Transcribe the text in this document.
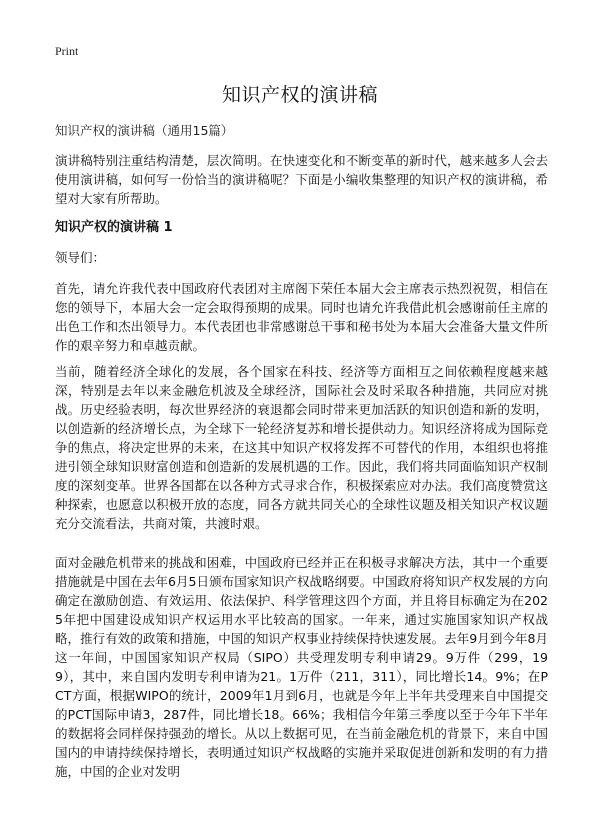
Print
知识产权的演讲稿
知识产权的演讲稿（通用15篇）

演讲稿特别注重结构清楚，层次简明。在快速变化和不断变革的新时代，越来越多人会去使用演讲稿，如何写一份恰当的演讲稿呢？下面是小编收集整理的知识产权的演讲稿，希望对大家有所帮助。

知识产权的演讲稿 1
领导们：

首先，请允许我代表中国政府代表团对主席阁下荣任本届大会主席表示热烈祝贺，相信在您的领导下，本届大会一定会取得预期的成果。同时也请允许我借此机会感谢前任主席的出色工作和杰出领导力。本代表团也非常感谢总干事和秘书处为本届大会准备大量文件所作的艰辛努力和卓越贡献。

当前，随着经济全球化的发展，各个国家在科技、经济等方面相互之间依赖程度越来越深，特别是去年以来金融危机波及全球经济，国际社会及时采取各种措施，共同应对挑战。历史经验表明，每次世界经济的衰退都会同时带来更加活跃的知识创造和新的发明，以创造新的经济增长点，为全球下一轮经济复苏和增长提供动力。知识经济将成为国际竞争的焦点，将决定世界的未来，在这其中知识产权将发挥不可替代的作用，本组织也将推进引领全球知识财富创造和创造新的发展机遇的工作。因此，我们将共同面临知识产权制度的深刻变革。世界各国都在以各种方式寻求合作，积极探索应对办法。我们高度赞赏这种探索，也愿意以积极开放的态度，同各方就共同关心的全球性议题及相关知识产权议题充分交流看法，共商对策，共渡时艰。

面对金融危机带来的挑战和困难，中国政府已经并正在积极寻求解决方法，其中一个重要措施就是中国在去年6月5日颁布国家知识产权战略纲要。中国政府将知识产权发展的方向确定在激励创造、有效运用、依法保护、科学管理这四个方面，并且将目标确定为在2025年把中国建设成知识产权运用水平比较高的国家。一年来，通过实施国家知识产权战略，推行有效的政策和措施，中国的知识产权事业持续保持快速发展。去年9月到今年8月这一年间，中国国家知识产权局（SIPO）共受理发明专利申请29。9万件（299，199），其中，来自国内发明专利申请为21。1万件（211，311），同比增长14。9%；在PCT方面，根据WIPO的统计，2009年1月到6月，也就是今年上半年共受理来自中国提交的PCT国际申请3，287件，同比增长18。66%；我相信今年第三季度以至于今年下半年的数据将会同样保持强劲的增长。从以上数据可见，在当前金融危机的背景下，来自中国国内的申请持续保持增长，表明通过知识产权战略的实施并采取促进创新和发明的有力措施，中国的企业对发明
